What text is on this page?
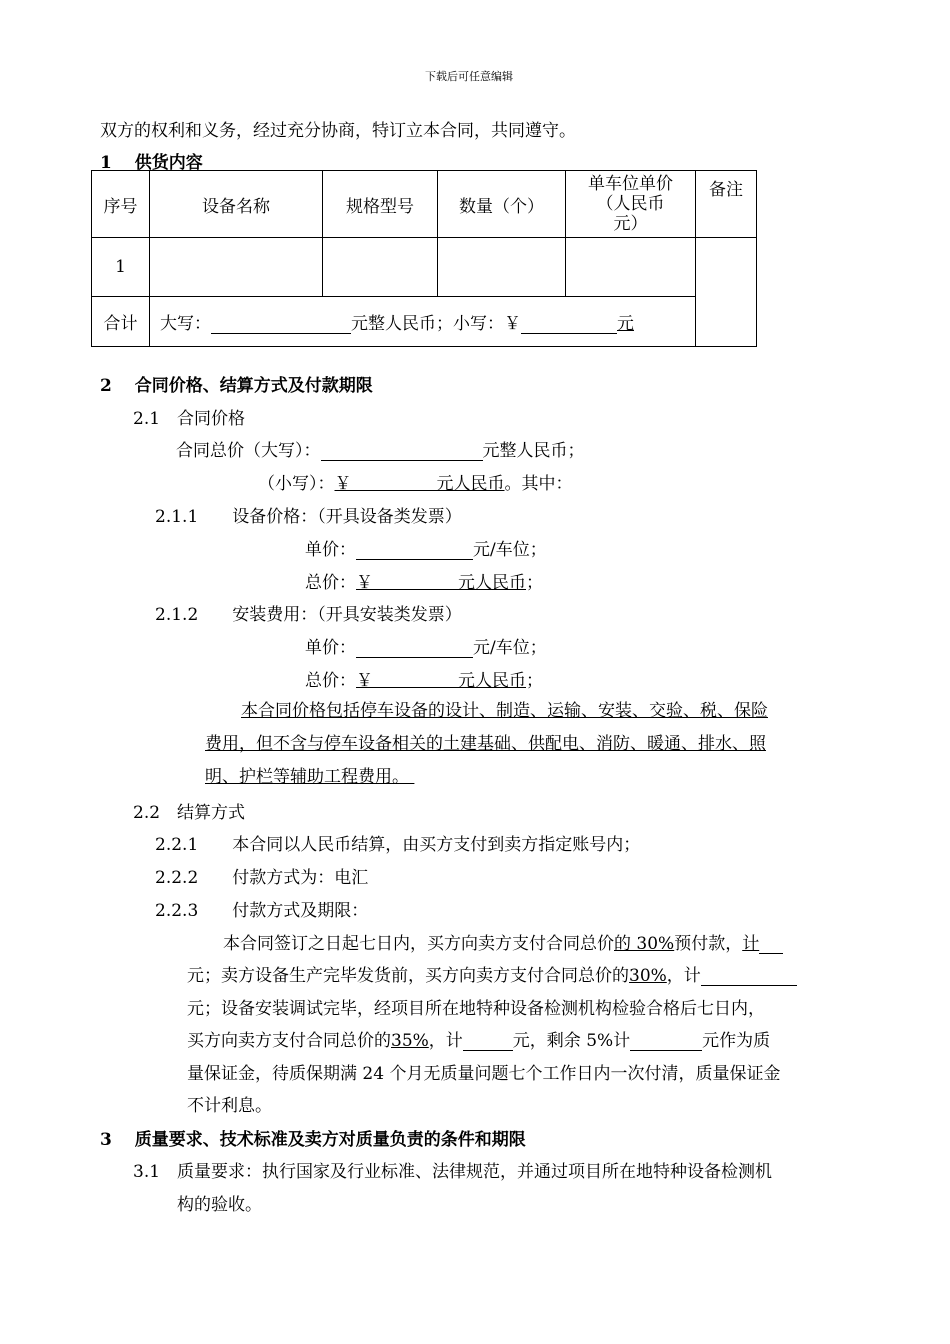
下载后可任意编辑
双方的权利和义务，经过充分协商，特订立本合同，共同遵守。
1　 供货内容
序号	设备名称	规格型号	数量（个）	单车位单价
（人民币
元）	备注
1					
合计	大写： 元整人民币；小写：￥ 元				
2　 合同价格、结算方式及付款期限
2.1　合同价格
合同总价（大写）：	元整人民币；
（小写）：￥　　　　　元人民币。其中：
2.1.1　　设备价格：（开具设备类发票）
单价：	元/车位；
总价：￥　　　　　元人民币；
2.1.2　　安装费用：（开具安装类发票）
单价：	元/车位；
总价：￥　　　　　元人民币；
本合同价格包括停车设备的设计、制造、运输、安装、交验、税、保险
费用，但不含与停车设备相关的土建基础、供配电、消防、暖通、排水、照
明、护栏等辅助工程费用。
2.2　结算方式
2.2.1　　本合同以人民币结算，由买方支付到卖方指定账号内；
2.2.2　　付款方式为：电汇
2.2.3　　付款方式及期限：
本合同签订之日起七日内，买方向卖方支付合同总价的 30%预付款，计
元；卖方设备生产完毕发货前，买方向卖方支付合同总价的30%，计
元；设备安装调试完毕，经项目所在地特种设备检测机构检验合格后七日内，
买方向卖方支付合同总价的35%，计	元，剩余 5%计	元作为质
量保证金，待质保期满 24 个月无质量问题七个工作日内一次付清，质量保证金
不计利息。
3　 质量要求、技术标准及卖方对质量负责的条件和期限
3.1　质量要求：执行国家及行业标准、法律规范，并通过项目所在地特种设备检测机
构的验收。
